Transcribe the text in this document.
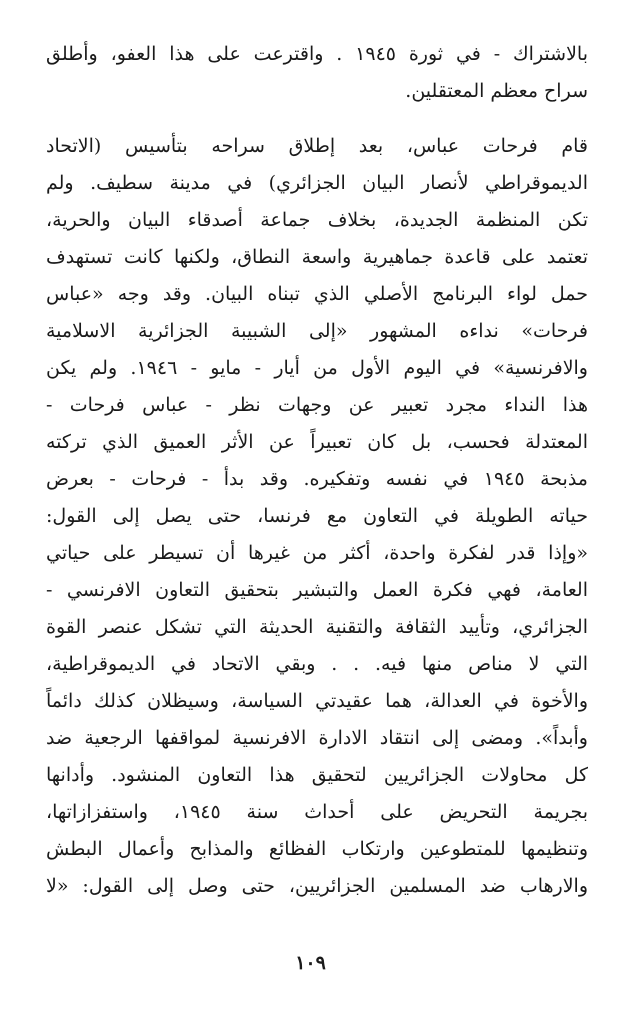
بالاشتراك - في ثورة ١٩٤٥ . واقترعت على هذا العفو، وأطلق
سراح معظم المعتقلين.
قام فرحات عباس، بعد إطلاق سراحه بتأسيس (الاتحاد
الديموقراطي لأنصار البيان الجزائري) في مدينة سطيف. ولم
تكن المنظمة الجديدة، بخلاف جماعة أصدقاء البيان والحرية،
تعتمد على قاعدة جماهيرية واسعة النطاق، ولكنها كانت تستهدف
حمل لواء البرنامج الأصلي الذي تبناه البيان. وقد وجه «عباس
فرحات» نداءه المشهور «إلى الشبيبة الجزائرية الاسلامية
والافرنسية» في اليوم الأول من أيار - مايو - ١٩٤٦. ولم يكن
هذا النداء مجرد تعبير عن وجهات نظر - عباس فرحات -
المعتدلة فحسب، بل كان تعبيراً عن الأثر العميق الذي تركته
مذبحة ١٩٤٥ في نفسه وتفكيره. وقد بدأ - فرحات - بعرض
حياته الطويلة في التعاون مع فرنسا، حتى يصل إلى القول:
«وإذا قدر لفكرة واحدة، أكثر من غيرها أن تسيطر على حياتي
العامة، فهي فكرة العمل والتبشير بتحقيق التعاون الافرنسي -
الجزائري، وتأييد الثقافة والتقنية الحديثة التي تشكل عنصر القوة
التي لا مناص منها فيه. . . وبقي الاتحاد في الديموقراطية،
والأخوة في العدالة، هما عقيدتي السياسة، وسيظلان كذلك دائماً
وأبداً». ومضى إلى انتقاد الادارة الافرنسية لمواقفها الرجعية ضد
كل محاولات الجزائريين لتحقيق هذا التعاون المنشود. وأدانها
بجريمة التحريض على أحداث سنة ١٩٤٥، واستفزازاتها،
وتنظيمها للمتطوعين وارتكاب الفظائع والمذابح وأعمال البطش
والارهاب ضد المسلمين الجزائريين، حتى وصل إلى القول: «لا
١٠٩
